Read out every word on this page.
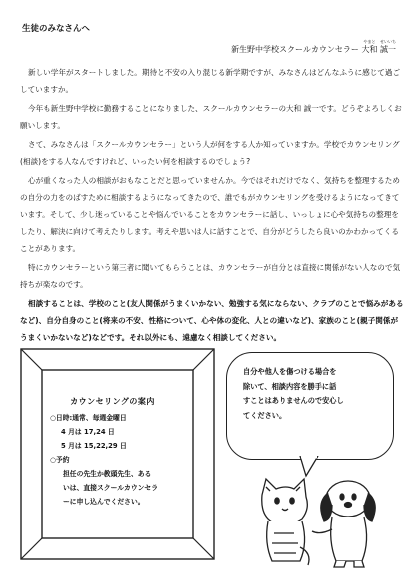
生徒のみなさんへ
新生野中学校スクールカウンセラー
やまと
大和
せいいち
誠一

新しい学年がスタートしました。期待と不安の入り混じる新学期ですが、みなさんはどんなふうに感じて過ごしていますか。

今年も新生野中学校に勤務することになりました、スクールカウンセラーの大和 誠一です。どうぞよろしくお願いします。

さて、みなさんは「スクールカウンセラー」という人が何をする人か知っていますか。学校でカウンセリング(相談)をする人なんですけれど、いったい何を相談するのでしょう?

心が重くなった人の相談がおもなことだと思っていませんか。今ではそれだけでなく、気持ちを整理するための自分の力をのばすために相談するようになってきたので、誰でもがカウンセリングを受けるようになってきています。そして、少し迷っていることや悩んでいることをカウンセラーに話し、いっしょに心や気持ちの整理をしたり、解決に向けて考えたりします。考えや思いは人に話すことで、自分がどうしたら良いのかわかってくることがあります。

特にカウンセラーという第三者に聞いてもらうことは、カウンセラーが自分とは直接に関係がない人なので気持ちが楽なのです。

相談することは、学校のこと(友人関係がうまくいかない、勉強する気にならない、クラブのことで悩みがあるなど)、自分自身のこと(将来の不安、性格について、心や体の変化、人との違いなど)、家族のこと(親子関係がうまくいかないなど)などです。それ以外にも、遠慮なく相談してください。

カウンセリングの案内
○日時:通常、毎週金曜日
4 月は 17,24 日
5 月は 15,22,29 日
○予約
担任の先生か教頭先生、ある
いは、直接スクールカウンセラ
ーに申し込んでください。
自分や他人を傷つける場合を
除いて、相談内容を勝手に話
すことはありませんので安心し
てください。
